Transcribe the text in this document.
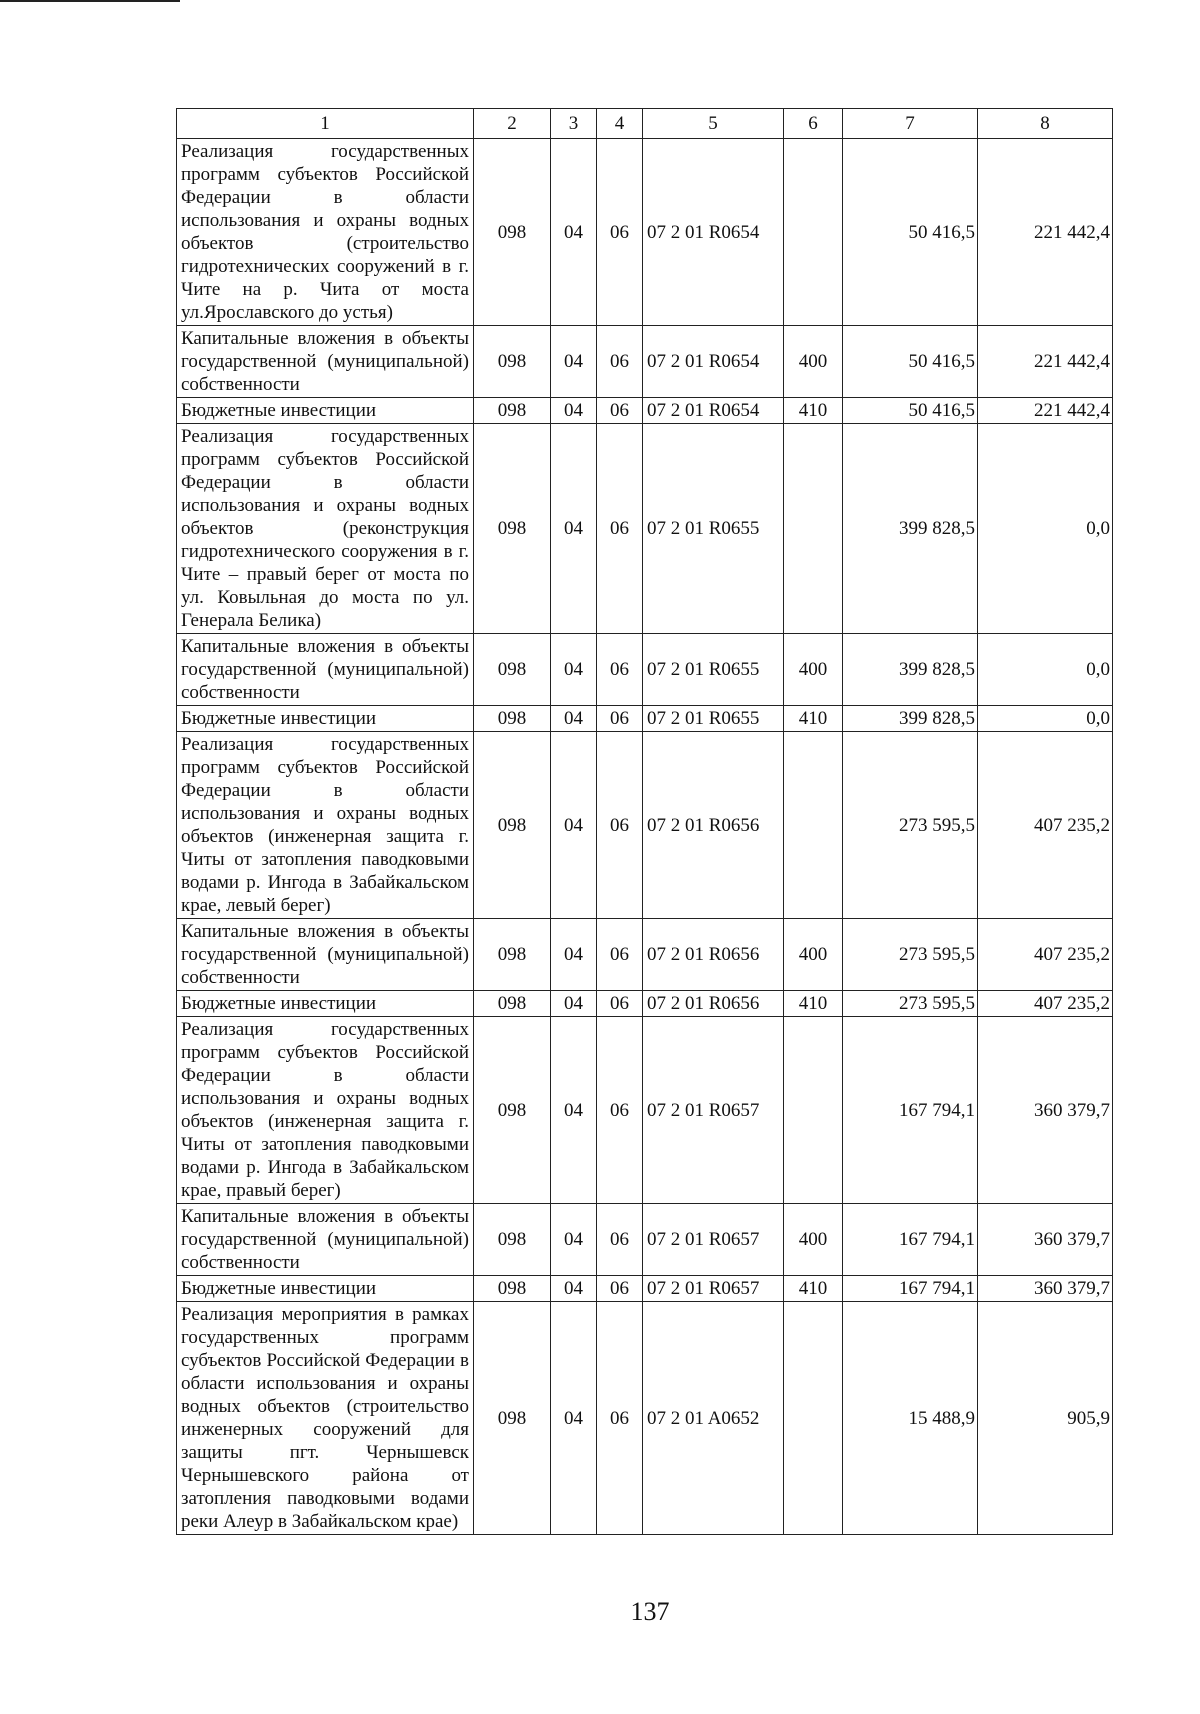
1	2	3	4	5	6	7	8
Реализация государственных программ субъектов Российской Федерации в области использования и охраны водных объектов (строительство гидротехнических сооружений в г. Чите на р. Чита от моста ул.Ярославского до устья)	098	04	06	07 2 01 R0654		50 416,5	221 442,4
Капитальные вложения в объекты государственной (муниципальной) собственности	098	04	06	07 2 01 R0654	400	50 416,5	221 442,4
Бюджетные инвестиции	098	04	06	07 2 01 R0654	410	50 416,5	221 442,4
Реализация государственных программ субъектов Российской Федерации в области использования и охраны водных объектов (реконструкция гидротехнического сооружения в г. Чите – правый берег от моста по ул. Ковыльная до моста по ул. Генерала Белика)	098	04	06	07 2 01 R0655		399 828,5	0,0
Капитальные вложения в объекты государственной (муниципальной) собственности	098	04	06	07 2 01 R0655	400	399 828,5	0,0
Бюджетные инвестиции	098	04	06	07 2 01 R0655	410	399 828,5	0,0
Реализация государственных программ субъектов Российской Федерации в области использования и охраны водных объектов (инженерная защита г. Читы от затопления паводковыми водами р. Ингода в Забайкальском крае, левый берег)	098	04	06	07 2 01 R0656		273 595,5	407 235,2
Капитальные вложения в объекты государственной (муниципальной) собственности	098	04	06	07 2 01 R0656	400	273 595,5	407 235,2
Бюджетные инвестиции	098	04	06	07 2 01 R0656	410	273 595,5	407 235,2
Реализация государственных программ субъектов Российской Федерации в области использования и охраны водных объектов (инженерная защита г. Читы от затопления паводковыми водами р. Ингода в Забайкальском крае, правый берег)	098	04	06	07 2 01 R0657		167 794,1	360 379,7
Капитальные вложения в объекты государственной (муниципальной) собственности	098	04	06	07 2 01 R0657	400	167 794,1	360 379,7
Бюджетные инвестиции	098	04	06	07 2 01 R0657	410	167 794,1	360 379,7
Реализация мероприятия в рамках государственных программ субъектов Российской Федерации в области использования и охраны водных объектов (строительство инженерных сооружений для защиты пгт. Чернышевск Чернышевского района от затопления паводковыми водами реки Алеур в Забайкальском крае)	098	04	06	07 2 01 A0652		15 488,9	905,9
137
